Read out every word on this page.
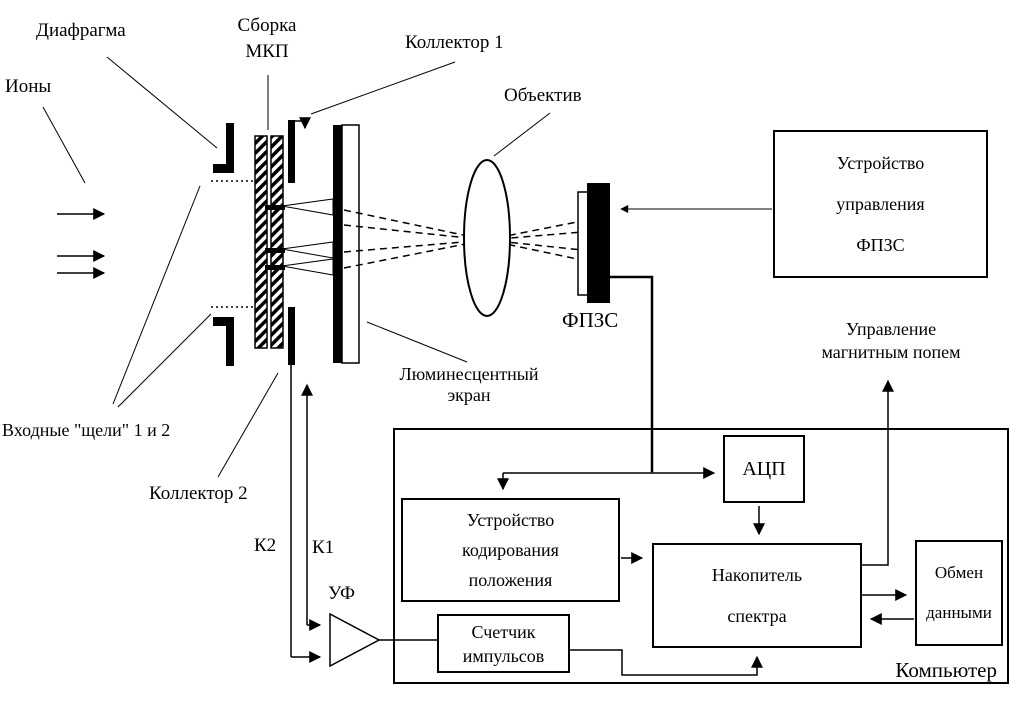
Ионы
Диафрагма	Сборка
МКП	Коллектор 1
Объектив
ФПЗС
Люминесцентный
экран
Входные "щели" 1 и 2
Коллектор 2
К2 К1
УФ
Управление
магнитным попем
Компьютер
Устройство
управления
ФПЗС
АЦП
Устройство
кодирования
положения	Накопитель
спектра
Счетчик
импульсов
Обмен
данными
